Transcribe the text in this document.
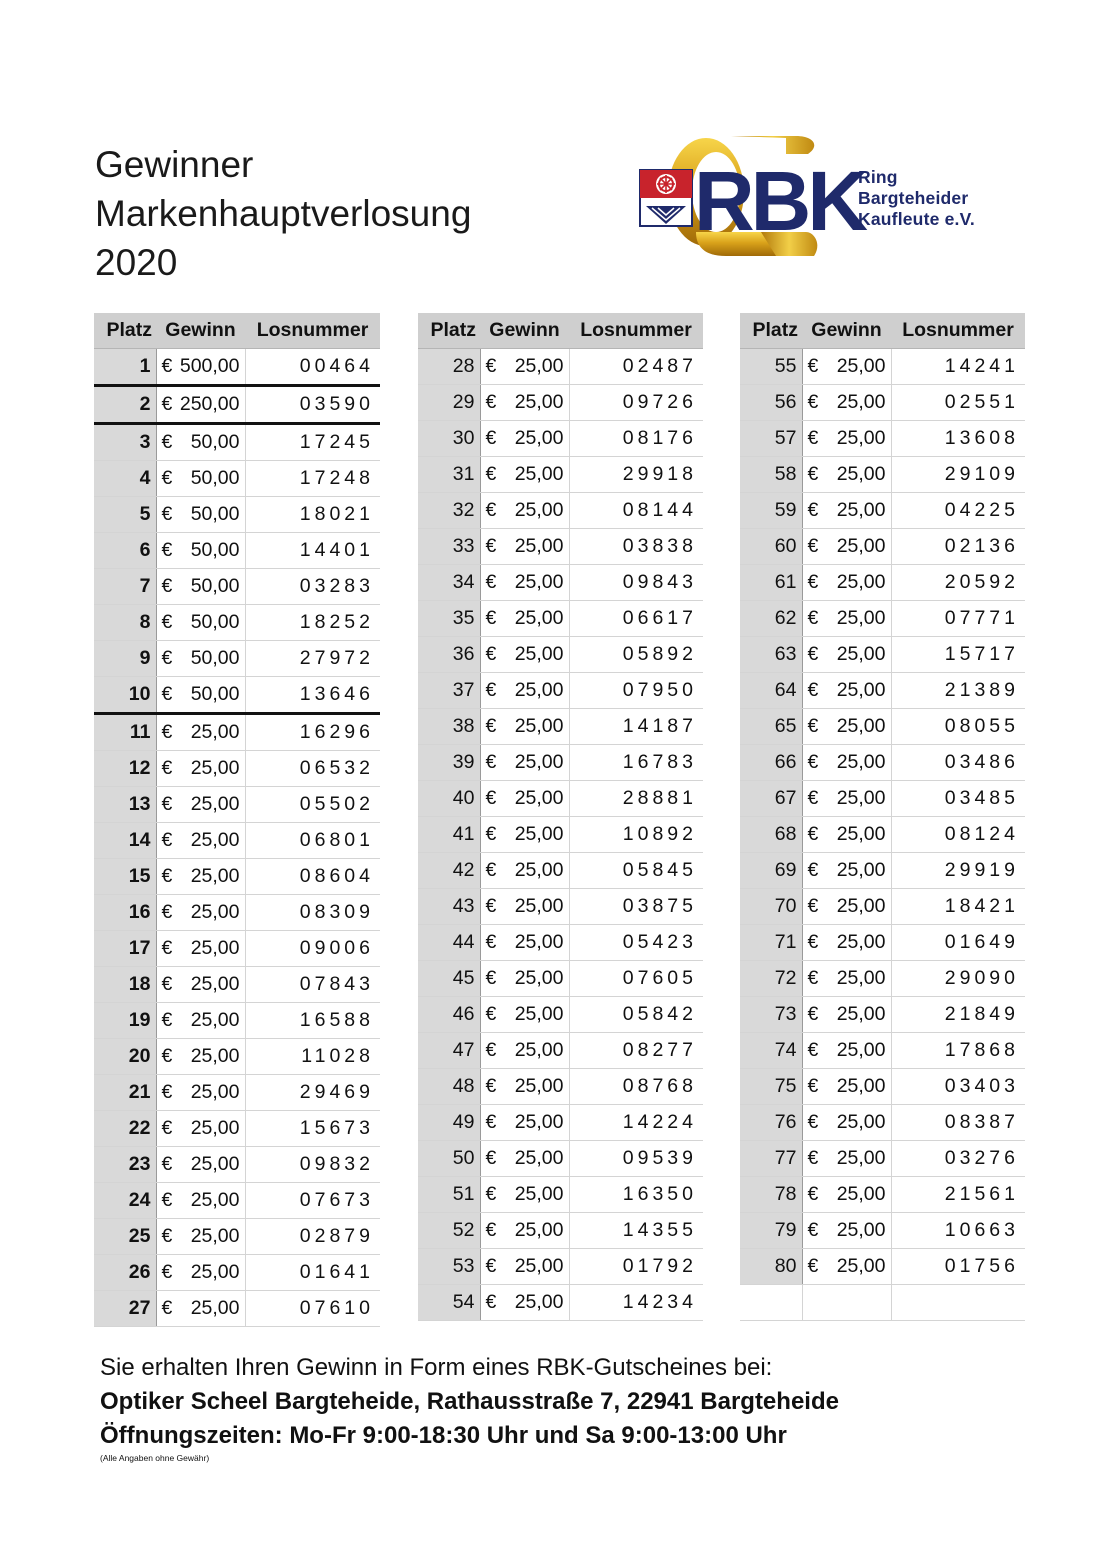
Gewinner
Markenhauptverlosung
2020
RBK
Ring
Bargteheider
Kaufleute e.V.
Platz	Gewinn	Losnummer
1	€ 500,00	00464
2	€ 250,00	03590
3	€ 50,00	17245
4	€ 50,00	17248
5	€ 50,00	18021
6	€ 50,00	14401
7	€ 50,00	03283
8	€ 50,00	18252
9	€ 50,00	27972
10	€ 50,00	13646
11	€ 25,00	16296
12	€ 25,00	06532
13	€ 25,00	05502
14	€ 25,00	06801
15	€ 25,00	08604
16	€ 25,00	08309
17	€ 25,00	09006
18	€ 25,00	07843
19	€ 25,00	16588
20	€ 25,00	11028
21	€ 25,00	29469
22	€ 25,00	15673
23	€ 25,00	09832
24	€ 25,00	07673
25	€ 25,00	02879
26	€ 25,00	01641
27	€ 25,00	07610
Platz	Gewinn	Losnummer
28	€ 25,00	02487
29	€ 25,00	09726
30	€ 25,00	08176
31	€ 25,00	29918
32	€ 25,00	08144
33	€ 25,00	03838
34	€ 25,00	09843
35	€ 25,00	06617
36	€ 25,00	05892
37	€ 25,00	07950
38	€ 25,00	14187
39	€ 25,00	16783
40	€ 25,00	28881
41	€ 25,00	10892
42	€ 25,00	05845
43	€ 25,00	03875
44	€ 25,00	05423
45	€ 25,00	07605
46	€ 25,00	05842
47	€ 25,00	08277
48	€ 25,00	08768
49	€ 25,00	14224
50	€ 25,00	09539
51	€ 25,00	16350
52	€ 25,00	14355
53	€ 25,00	01792
54	€ 25,00	14234
Platz	Gewinn	Losnummer
55	€ 25,00	14241
56	€ 25,00	02551
57	€ 25,00	13608
58	€ 25,00	29109
59	€ 25,00	04225
60	€ 25,00	02136
61	€ 25,00	20592
62	€ 25,00	07771
63	€ 25,00	15717
64	€ 25,00	21389
65	€ 25,00	08055
66	€ 25,00	03486
67	€ 25,00	03485
68	€ 25,00	08124
69	€ 25,00	29919
70	€ 25,00	18421
71	€ 25,00	01649
72	€ 25,00	29090
73	€ 25,00	21849
74	€ 25,00	17868
75	€ 25,00	03403
76	€ 25,00	08387
77	€ 25,00	03276
78	€ 25,00	21561
79	€ 25,00	10663
80	€ 25,00	01756

Sie erhalten Ihren Gewinn in Form eines RBK-Gutscheines bei:
Optiker Scheel Bargteheide, Rathausstraße 7, 22941 Bargteheide
Öffnungszeiten: Mo-Fr 9:00-18:30 Uhr und Sa 9:00-13:00 Uhr
(Alle Angaben ohne Gewähr)
